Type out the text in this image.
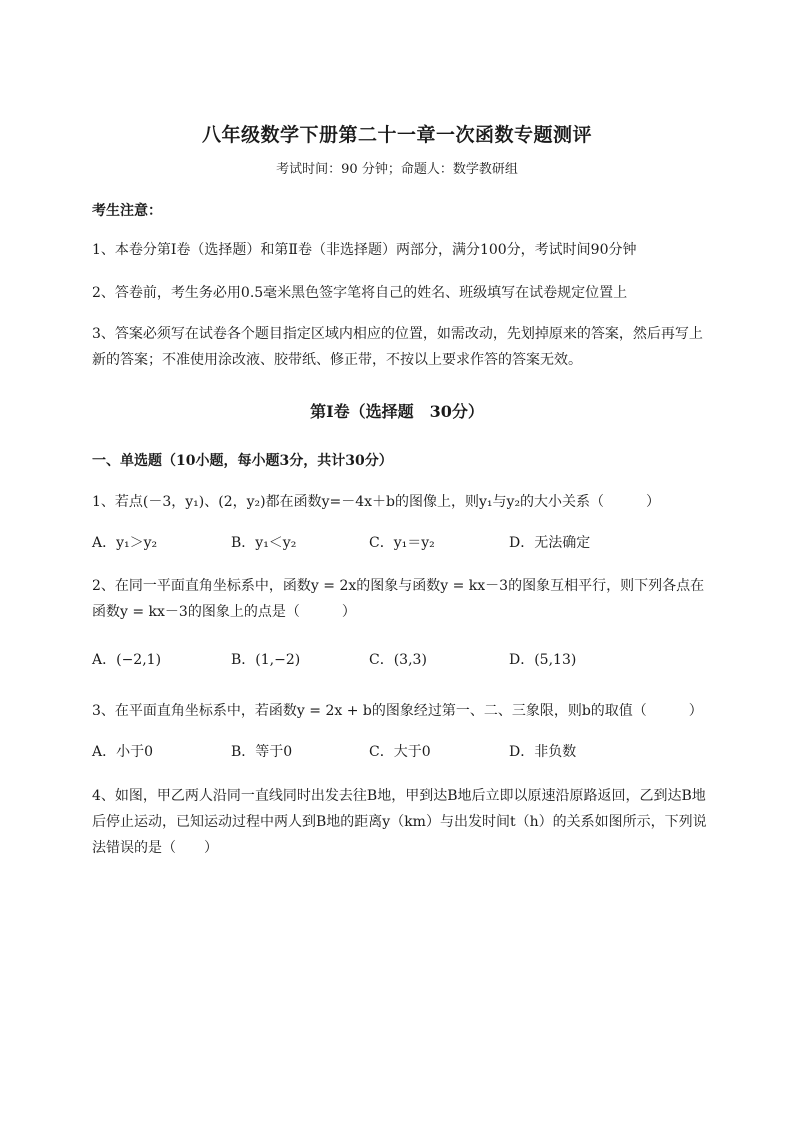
八年级数学下册第二十一章一次函数专题测评
考试时间：90 分钟；命题人：数学教研组
考生注意：
1、本卷分第Ⅰ卷（选择题）和第Ⅱ卷（非选择题）两部分，满分100分，考试时间90分钟
2、答卷前，考生务必用0.5毫米黑色签字笔将自己的姓名、班级填写在试卷规定位置上
3、答案必须写在试卷各个题目指定区域内相应的位置，如需改动，先划掉原来的答案，然后再写上新的答案；不准使用涂改液、胶带纸、修正带，不按以上要求作答的答案无效。
第Ⅰ卷（选择题　30分）
一、单选题（10小题，每小题3分，共计30分）
1、若点(－3，y₁)、(2，y₂)都在函数y=－4x＋b的图像上，则y₁与y₂的大小关系（　　　）
A．y₁＞y₂	B．y₁＜y₂	C．y₁＝y₂	D．无法确定
2、在同一平面直角坐标系中，函数y = 2x的图象与函数y = kx－3的图象互相平行，则下列各点在函数y = kx－3的图象上的点是（　　　）
A．(−2,1)	B．(1,−2)	C．(3,3)	D．(5,13)
3、在平面直角坐标系中，若函数y = 2x + b的图象经过第一、二、三象限，则b的取值（　　　）
A．小于0	B．等于0	C．大于0	D．非负数
4、如图，甲乙两人沿同一直线同时出发去往B地，甲到达B地后立即以原速沿原路返回，乙到达B地后停止运动，已知运动过程中两人到B地的距离y（km）与出发时间t（h）的关系如图所示，下列说法错误的是（　　）
